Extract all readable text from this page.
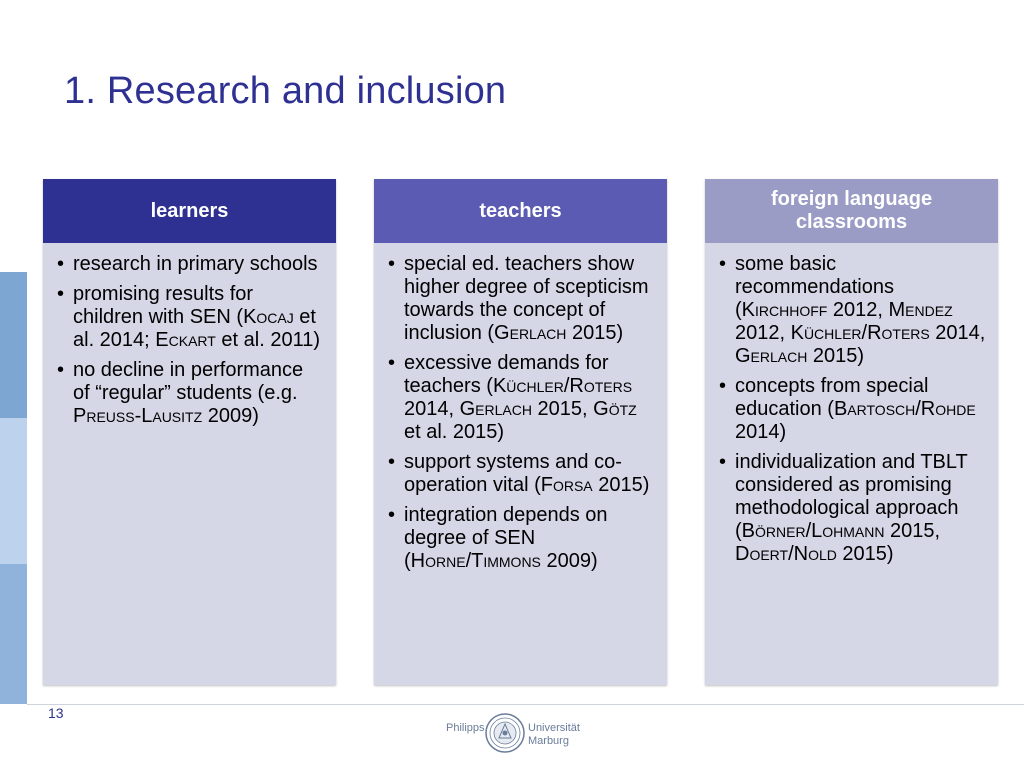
1. Research and inclusion
learners
• research in primary schools
• promising results for children with SEN (Kocaj et al. 2014; Eckart et al. 2011)
• no decline in performance of “regular” students (e.g. Preuss-Lausitz 2009)
teachers
• special ed. teachers show higher degree of scepticism towards the concept of inclusion (Gerlach 2015)
• excessive demands for teachers (Küchler/Roters 2014, Gerlach 2015, Götz et al. 2015)
• support systems and co-operation vital (Forsa 2015)
• integration depends on degree of SEN (Horne/Timmons 2009)
foreign language classrooms
• some basic recommendations (Kirchhoff 2012, Mendez 2012, Küchler/Roters 2014, Gerlach 2015)
• concepts from special education (Bartosch/Rohde 2014)
• individualization and TBLT considered as promising methodological approach (Börner/Lohmann 2015, Doert/Nold 2015)
13
Philipps	Universität
Marburg
